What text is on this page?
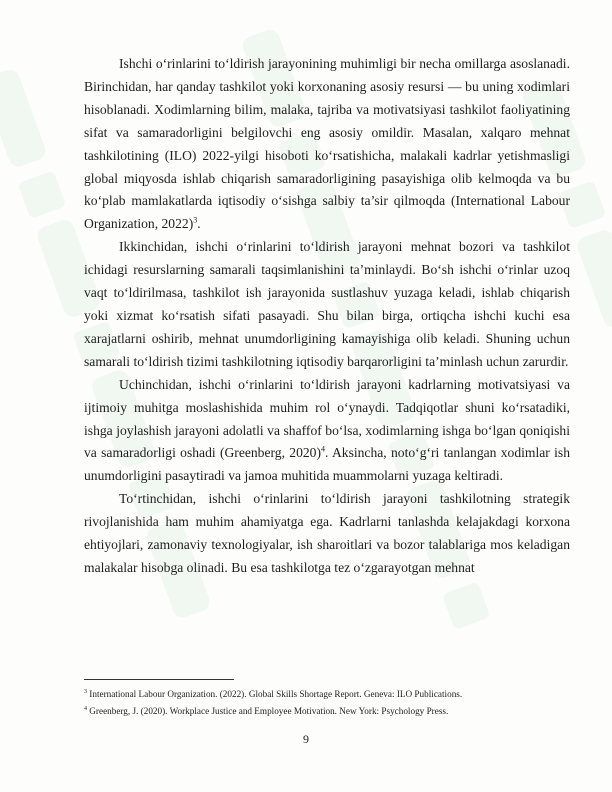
Ishchi o‘rinlarini to‘ldirish jarayonining muhimligi bir necha omillarga asoslanadi. Birinchidan, har qanday tashkilot yoki korxonaning asosiy resursi — bu uning xodimlari hisoblanadi. Xodimlarning bilim, malaka, tajriba va motivatsiyasi tashkilot faoliyatining sifat va samaradorligini belgilovchi eng asosiy omildir. Masalan, xalqaro mehnat tashkilotining (ILO) 2022-yilgi hisoboti ko‘rsatishicha, malakali kadrlar yetishmasligi global miqyosda ishlab chiqarish samaradorligining pasayishiga olib kelmoqda va bu ko‘plab mamlakatlarda iqtisodiy o‘sishga salbiy ta’sir qilmoqda (International Labour Organization, 2022)$^3$.

Ikkinchidan, ishchi o‘rinlarini to‘ldirish jarayoni mehnat bozori va tashkilot ichidagi resurslarning samarali taqsimlanishini ta’minlaydi. Bo‘sh ishchi o‘rinlar uzoq vaqt to‘ldirilmasa, tashkilot ish jarayonida sustlashuv yuzaga keladi, ishlab chiqarish yoki xizmat ko‘rsatish sifati pasayadi. Shu bilan birga, ortiqcha ishchi kuchi esa xarajatlarni oshirib, mehnat unumdorligining kamayishiga olib keladi. Shuning uchun samarali to‘ldirish tizimi tashkilotning iqtisodiy barqarorligini ta’minlash uchun zarurdir.

Uchinchidan, ishchi o‘rinlarini to‘ldirish jarayoni kadrlarning motivatsiyasi va ijtimoiy muhitga moslashishida muhim rol o‘ynaydi. Tadqiqotlar shuni ko‘rsatadiki, ishga joylashish jarayoni adolatli va shaffof bo‘lsa, xodimlarning ishga bo‘lgan qoniqishi va samaradorligi oshadi (Greenberg, 2020)$^4$. Aksincha, noto‘g‘ri tanlangan xodimlar ish unumdorligini pasaytiradi va jamoa muhitida muammolarni yuzaga keltiradi.

To‘rtinchidan, ishchi o‘rinlarini to‘ldirish jarayoni tashkilotning strategik rivojlanishida ham muhim ahamiyatga ega. Kadrlarni tanlashda kelajakdagi korxona ehtiyojlari, zamonaviy texnologiyalar, ish sharoitlari va bozor talablariga mos keladigan malakalar hisobga olinadi. Bu esa tashkilotga tez o‘zgarayotgan mehnat

$^3$ International Labour Organization. (2022). Global Skills Shortage Report. Geneva: ILO Publications.

$^4$ Greenberg, J. (2020). Workplace Justice and Employee Motivation. New York: Psychology Press.

9
